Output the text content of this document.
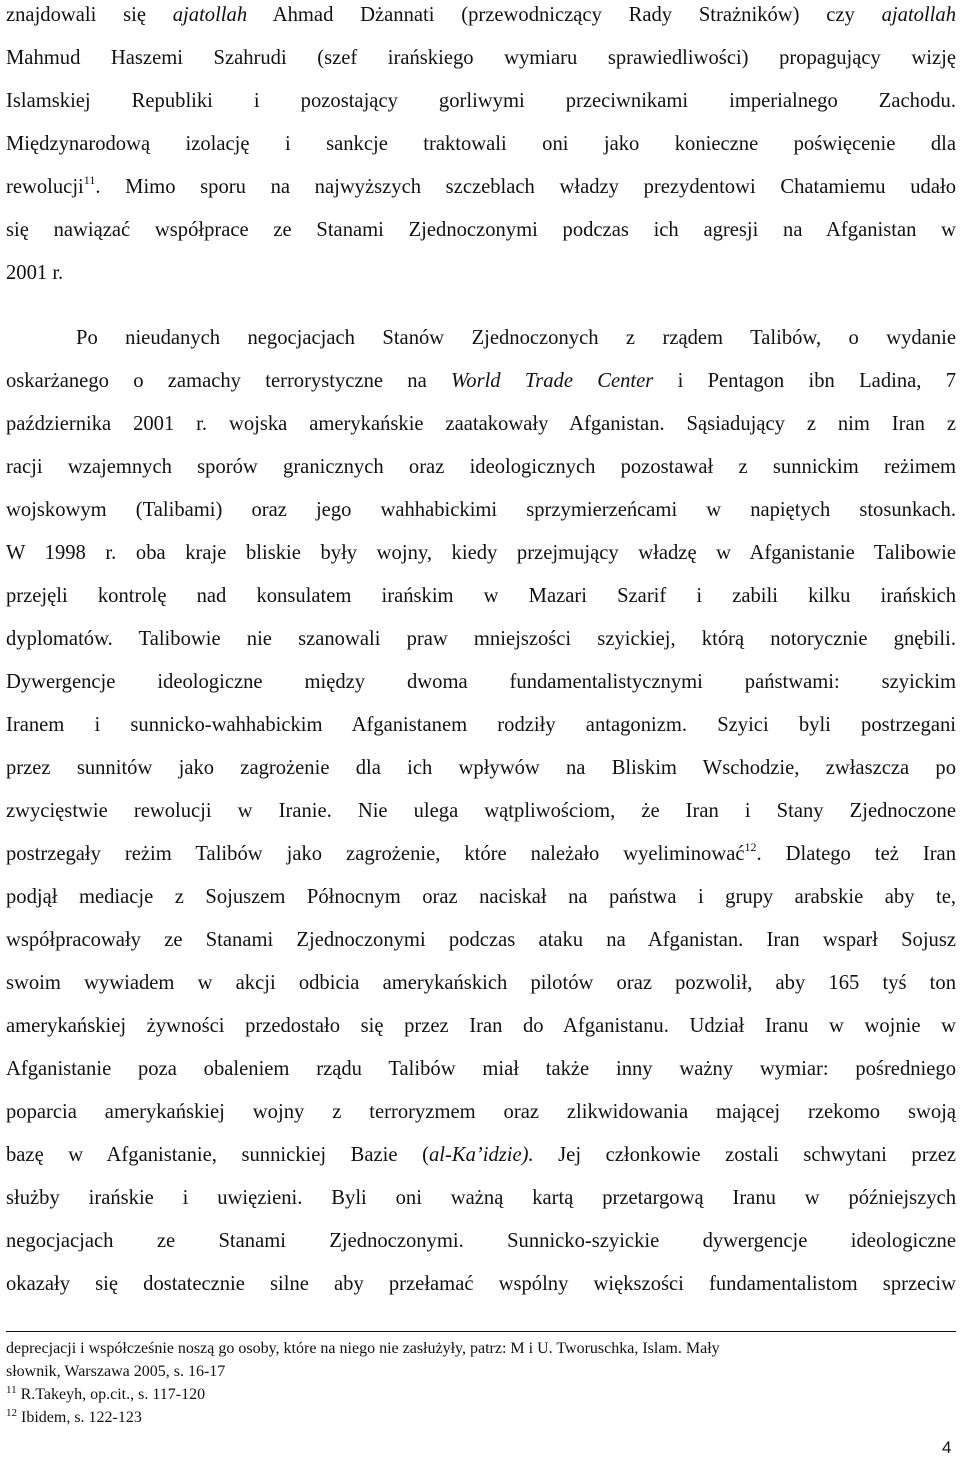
znajdowali się ajatollah Ahmad Dżannati (przewodniczący Rady Strażników) czy ajatollah

Mahmud Haszemi Szahrudi (szef irańskiego wymiaru sprawiedliwości) propagujący wizję

Islamskiej Republiki i pozostający gorliwymi przeciwnikami imperialnego Zachodu.

Międzynarodową izolację i sankcje traktowali oni jako konieczne poświęcenie dla

rewolucji$^{11}$. Mimo sporu na najwyższych szczeblach władzy prezydentowi Chatamiemu udało

się nawiązać współprace ze Stanami Zjednoczonymi podczas ich agresji na Afganistan w

2001 r.

Po nieudanych negocjacjach Stanów Zjednoczonych z rządem Talibów, o wydanie

oskarżanego o zamachy terrorystyczne na World Trade Center i Pentagon ibn Ladina, 7

października 2001 r. wojska amerykańskie zaatakowały Afganistan. Sąsiadujący z nim Iran z

racji wzajemnych sporów granicznych oraz ideologicznych pozostawał z sunnickim reżimem

wojskowym (Talibami) oraz jego wahhabickimi sprzymierzeńcami w napiętych stosunkach.

W 1998 r. oba kraje bliskie były wojny, kiedy przejmujący władzę w Afganistanie Talibowie

przejęli kontrolę nad konsulatem irańskim w Mazari Szarif i zabili kilku irańskich

dyplomatów. Talibowie nie szanowali praw mniejszości szyickiej, którą notorycznie gnębili.

Dywergencje ideologiczne między dwoma fundamentalistycznymi państwami: szyickim

Iranem i sunnicko-wahhabickim Afganistanem rodziły antagonizm. Szyici byli postrzegani

przez sunnitów jako zagrożenie dla ich wpływów na Bliskim Wschodzie, zwłaszcza po

zwycięstwie rewolucji w Iranie. Nie ulega wątpliwościom, że Iran i Stany Zjednoczone

postrzegały reżim Talibów jako zagrożenie, które należało wyeliminować$^{12}$. Dlatego też Iran

podjął mediacje z Sojuszem Północnym oraz naciskał na państwa i grupy arabskie aby te,

współpracowały ze Stanami Zjednoczonymi podczas ataku na Afganistan. Iran wsparł Sojusz

swoim wywiadem w akcji odbicia amerykańskich pilotów oraz pozwolił, aby 165 tyś ton

amerykańskiej żywności przedostało się przez Iran do Afganistanu. Udział Iranu w wojnie w

Afganistanie poza obaleniem rządu Talibów miał także inny ważny wymiar: pośredniego

poparcia amerykańskiej wojny z terroryzmem oraz zlikwidowania mającej rzekomo swoją

bazę w Afganistanie, sunnickiej Bazie (al-Ka’idzie). Jej członkowie zostali schwytani przez

służby irańskie i uwięzieni. Byli oni ważną kartą przetargową Iranu w późniejszych

negocjacjach ze Stanami Zjednoczonymi. Sunnicko-szyickie dywergencje ideologiczne

okazały się dostatecznie silne aby przełamać wspólny większości fundamentalistom sprzeciw

deprecjacji i współcześnie noszą go osoby, które na niego nie zasłużyły, patrz: M i U. Tworuschka, Islam. Mały

słownik, Warszawa 2005, s. 16-17

$^{11}$ R.Takeyh, op.cit., s. 117-120

$^{12}$ Ibidem, s. 122-123

4
